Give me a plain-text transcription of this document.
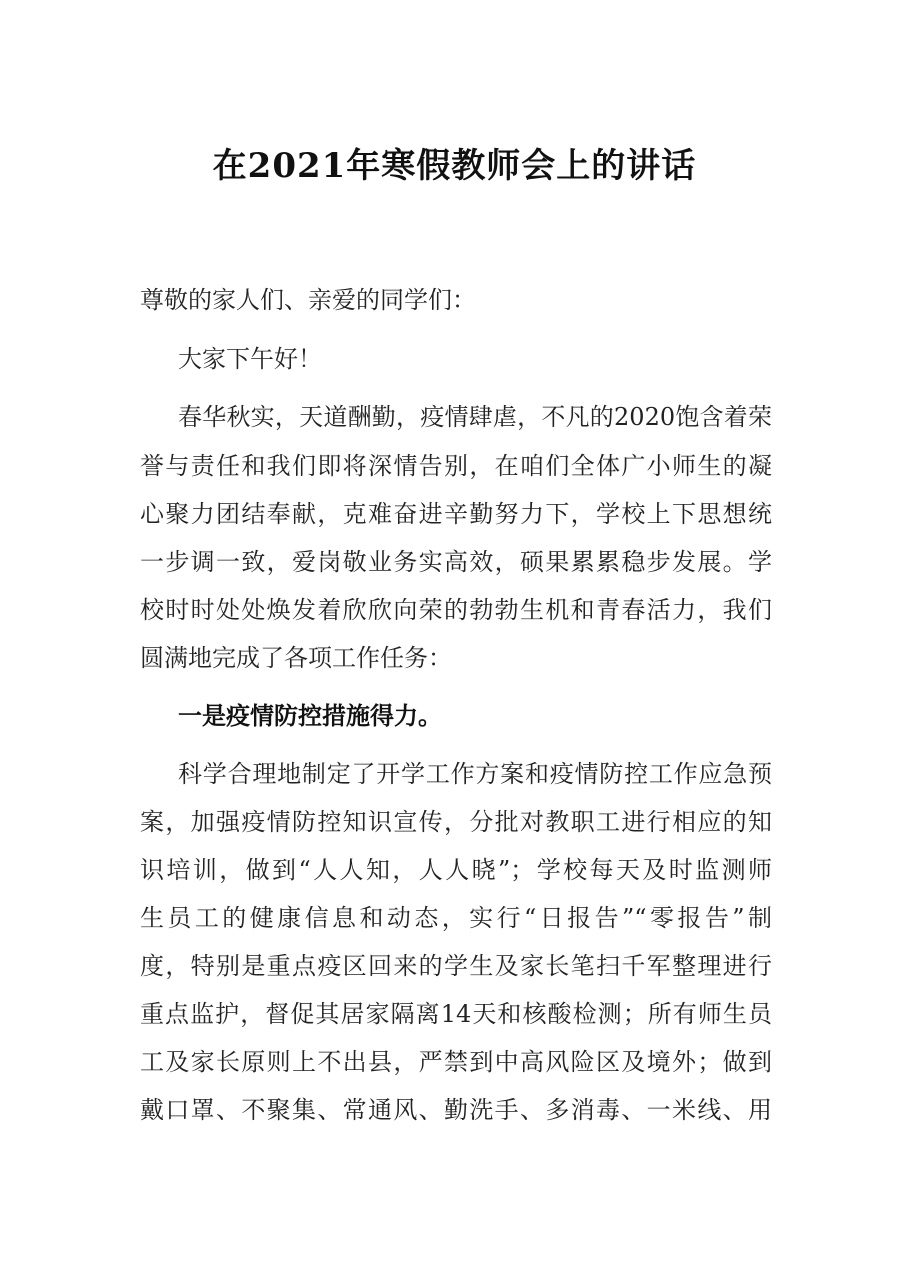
在2021年寒假教师会上的讲话
尊敬的家人们、亲爱的同学们：
大家下午好！
春华秋实，天道酬勤，疫情肆虐，不凡的2020饱含着荣
誉与责任和我们即将深情告别，在咱们全体广小师生的凝
心聚力团结奉献，克难奋进辛勤努力下，学校上下思想统
一步调一致，爱岗敬业务实高效，硕果累累稳步发展。学
校时时处处焕发着欣欣向荣的勃勃生机和青春活力，我们
圆满地完成了各项工作任务：
一是疫情防控措施得力。
科学合理地制定了开学工作方案和疫情防控工作应急预
案，加强疫情防控知识宣传，分批对教职工进行相应的知
识培训，做到“人人知，人人晓”；学校每天及时监测师
生员工的健康信息和动态，实行“日报告”“零报告”制
度，特别是重点疫区回来的学生及家长笔扫千军整理进行
重点监护，督促其居家隔离14天和核酸检测；所有师生员
工及家长原则上不出县，严禁到中高风险区及境外；做到
戴口罩、不聚集、常通风、勤洗手、多消毒、一米线、用
